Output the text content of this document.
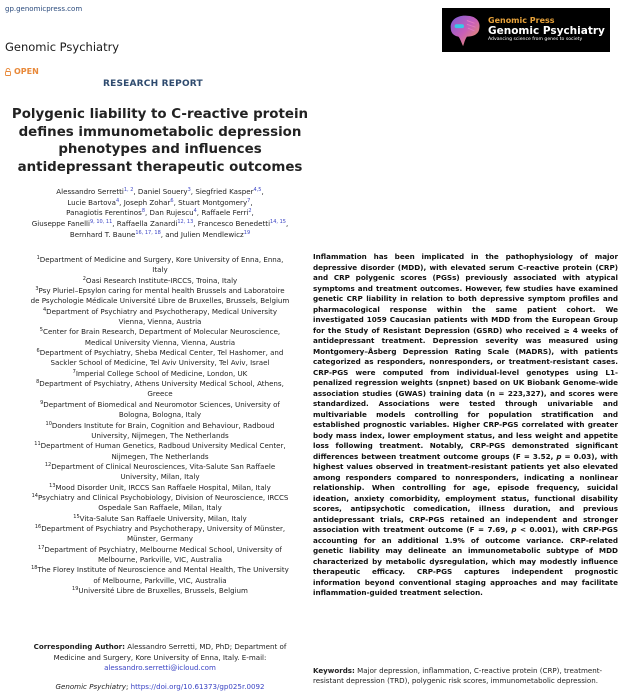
gp.genomicpress.com
Genomic Psychiatry
OPEN
RESEARCH REPORT
Genomic Press
Genomic Psychiatry
Advancing science from genes to society
Polygenic liability to C-reactive protein
defines immunometabolic depression
phenotypes and influences
antidepressant therapeutic outcomes
Alessandro Serretti$^{1, 2}$, Daniel Souery$^3$, Siegfried Kasper$^{4,5}$,
Lucie Bartova$^4$, Joseph Zohar$^6$, Stuart Montgomery$^7$,
Panagiotis Ferentinos$^8$, Dan Rujescu$^4$, Raffaele Ferri$^2$,
Giuseppe Fanelli$^{9, 10, 11}$, Raffaella Zanardi$^{12, 13}$, Francesco Benedetti$^{14, 15}$,
Bernhard T. Baune$^{16, 17, 18}$, and Julien Mendlewicz$^{19}$
$^1$Department of Medicine and Surgery, Kore University of Enna, Enna,
Italy
$^2$Oasi Research Institute-IRCCS, Troina, Italy
$^3$Psy Pluriel–Epsylon caring for mental health Brussels and Laboratoire
de Psychologie Médicale Université Libre de Bruxelles, Brussels, Belgium
$^4$Department of Psychiatry and Psychotherapy, Medical University
Vienna, Vienna, Austria
$^5$Center for Brain Research, Department of Molecular Neuroscience,
Medical University Vienna, Vienna, Austria
$^6$Department of Psychiatry, Sheba Medical Center, Tel Hashomer, and
Sackler School of Medicine, Tel Aviv University, Tel Aviv, Israel
$^7$Imperial College School of Medicine, London, UK
$^8$Department of Psychiatry, Athens University Medical School, Athens,
Greece
$^9$Department of Biomedical and Neuromotor Sciences, University of
Bologna, Bologna, Italy
$^{10}$Donders Institute for Brain, Cognition and Behaviour, Radboud
University, Nijmegen, The Netherlands
$^{11}$Department of Human Genetics, Radboud University Medical Center,
Nijmegen, The Netherlands
$^{12}$Department of Clinical Neurosciences, Vita-Salute San Raffaele
University, Milan, Italy
$^{13}$Mood Disorder Unit, IRCCS San Raffaele Hospital, Milan, Italy
$^{14}$Psychiatry and Clinical Psychobiology, Division of Neuroscience, IRCCS
Ospedale San Raffaele, Milan, Italy
$^{15}$Vita-Salute San Raffaele University, Milan, Italy
$^{16}$Department of Psychiatry and Psychotherapy, University of Münster,
Münster, Germany
$^{17}$Department of Psychiatry, Melbourne Medical School, University of
Melbourne, Parkville, VIC, Australia
$^{18}$The Florey Institute of Neuroscience and Mental Health, The University
of Melbourne, Parkville, VIC, Australia
$^{19}$Université Libre de Bruxelles, Brussels, Belgium
Corresponding Author: Alessandro Serretti, MD, PhD; Department of
Medicine and Surgery, Kore University of Enna, Italy. E-mail:
alessandro.serretti@icloud.com
Genomic Psychiatry; https://doi.org/10.61373/gp025r.0092
Inflammation has been implicated in the pathophysiology of major depressive disorder (MDD), with elevated serum C-reactive protein (CRP) and CRP polygenic scores (PGSs) previously associated with atypical symptoms and treatment outcomes. However, few studies have examined genetic CRP liability in relation to both depressive symptom profiles and pharmacological response within the same patient cohort. We investigated 1059 Caucasian patients with MDD from the European Group for the Study of Resistant Depression (GSRD) who received ≥ 4 weeks of antidepressant treatment. Depression severity was measured using Montgomery–Åsberg Depression Rating Scale (MADRS), with patients categorized as responders, nonresponders, or treatment-resistant cases. CRP-PGS were computed from individual-level genotypes using L1-penalized regression weights (snpnet) based on UK Biobank Genome-wide association studies (GWAS) training data (n = 223,327), and scores were standardized. Associations were tested through univariable and multivariable models controlling for population stratification and established prognostic variables. Higher CRP-PGS correlated with greater body mass index, lower employment status, and less weight and appetite loss following treatment. Notably, CRP-PGS demonstrated significant differences between treatment outcome groups (F = 3.52, p = 0.03), with highest values observed in treatment-resistant patients yet also elevated among responders compared to nonresponders, indicating a nonlinear relationship. When controlling for age, episode frequency, suicidal ideation, anxiety comorbidity, employment status, functional disability scores, antipsychotic comedication, illness duration, and previous antidepressant trials, CRP-PGS retained an independent and stronger association with treatment outcome (F = 7.69, p < 0.001), with CRP-PGS accounting for an additional 1.9% of outcome variance. CRP-related genetic liability may delineate an immunometabolic subtype of MDD characterized by metabolic dysregulation, which may modestly influence therapeutic efficacy. CRP-PGS captures independent prognostic information beyond conventional staging approaches and may facilitate inflammation-guided treatment selection.
Keywords: Major depression, inflammation, C-reactive protein (CRP), treatment-resistant depression (TRD), polygenic risk scores, immunometabolic depression.
